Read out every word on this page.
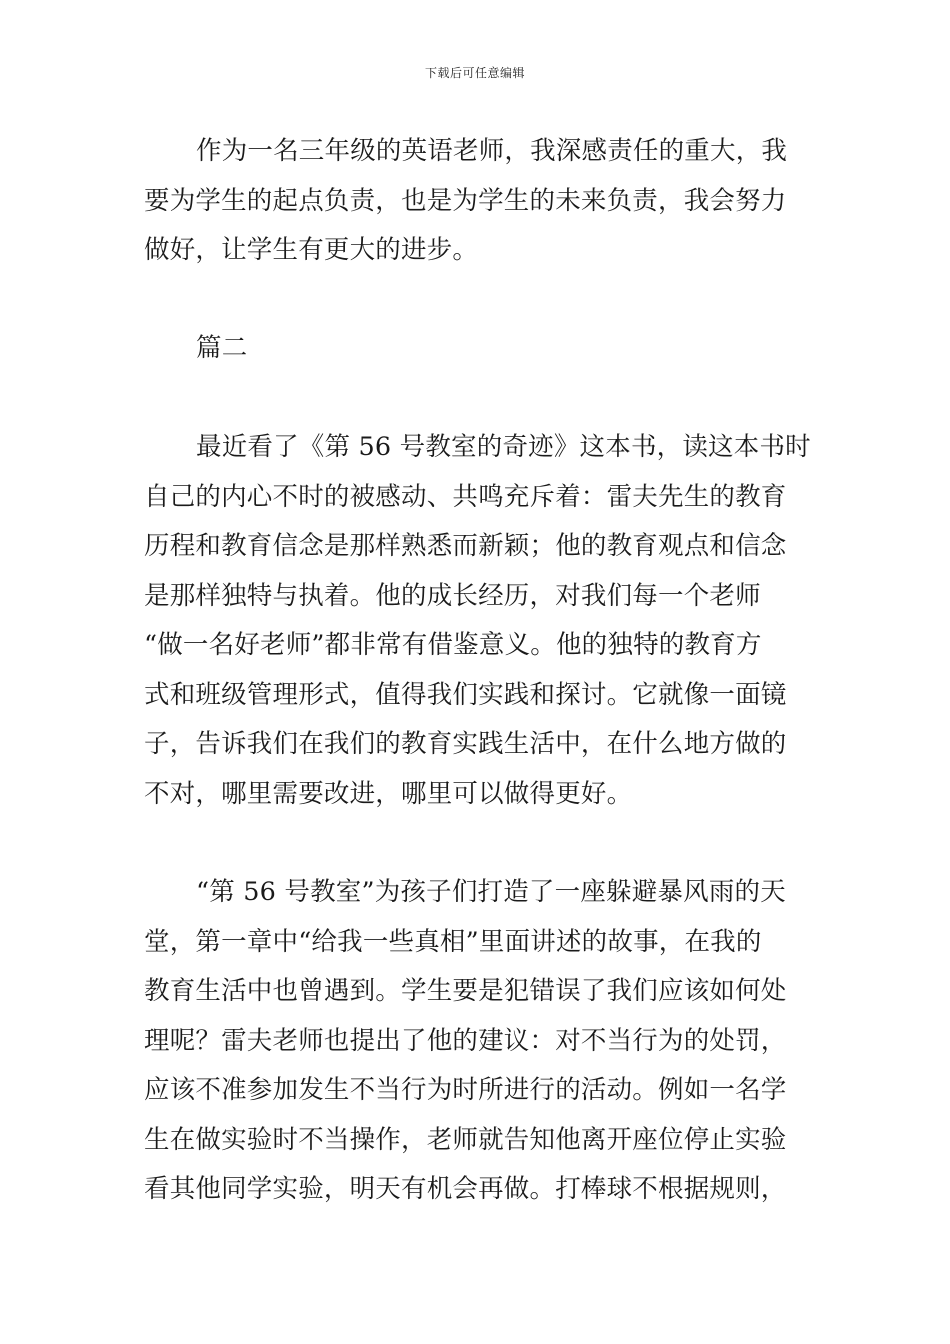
下载后可任意编辑
作为一名三年级的英语老师，我深感责任的重大，我
要为学生的起点负责，也是为学生的未来负责，我会努力
做好，让学生有更大的进步。
篇二
最近看了《第 56 号教室的奇迹》这本书，读这本书时
自己的内心不时的被感动、共鸣充斥着：雷夫先生的教育
历程和教育信念是那样熟悉而新颖；他的教育观点和信念
是那样独特与执着。他的成长经历，对我们每一个老师
“做一名好老师”都非常有借鉴意义。他的独特的教育方
式和班级管理形式，值得我们实践和探讨。它就像一面镜
子，告诉我们在我们的教育实践生活中，在什么地方做的
不对，哪里需要改进，哪里可以做得更好。
“第 56 号教室”为孩子们打造了一座躲避暴风雨的天
堂，第一章中“给我一些真相”里面讲述的故事，在我的
教育生活中也曾遇到。学生要是犯错误了我们应该如何处
理呢？雷夫老师也提出了他的建议：对不当行为的处罚，
应该不准参加发生不当行为时所进行的活动。例如一名学
生在做实验时不当操作，老师就告知他离开座位停止实验
看其他同学实验，明天有机会再做。打棒球不根据规则，
